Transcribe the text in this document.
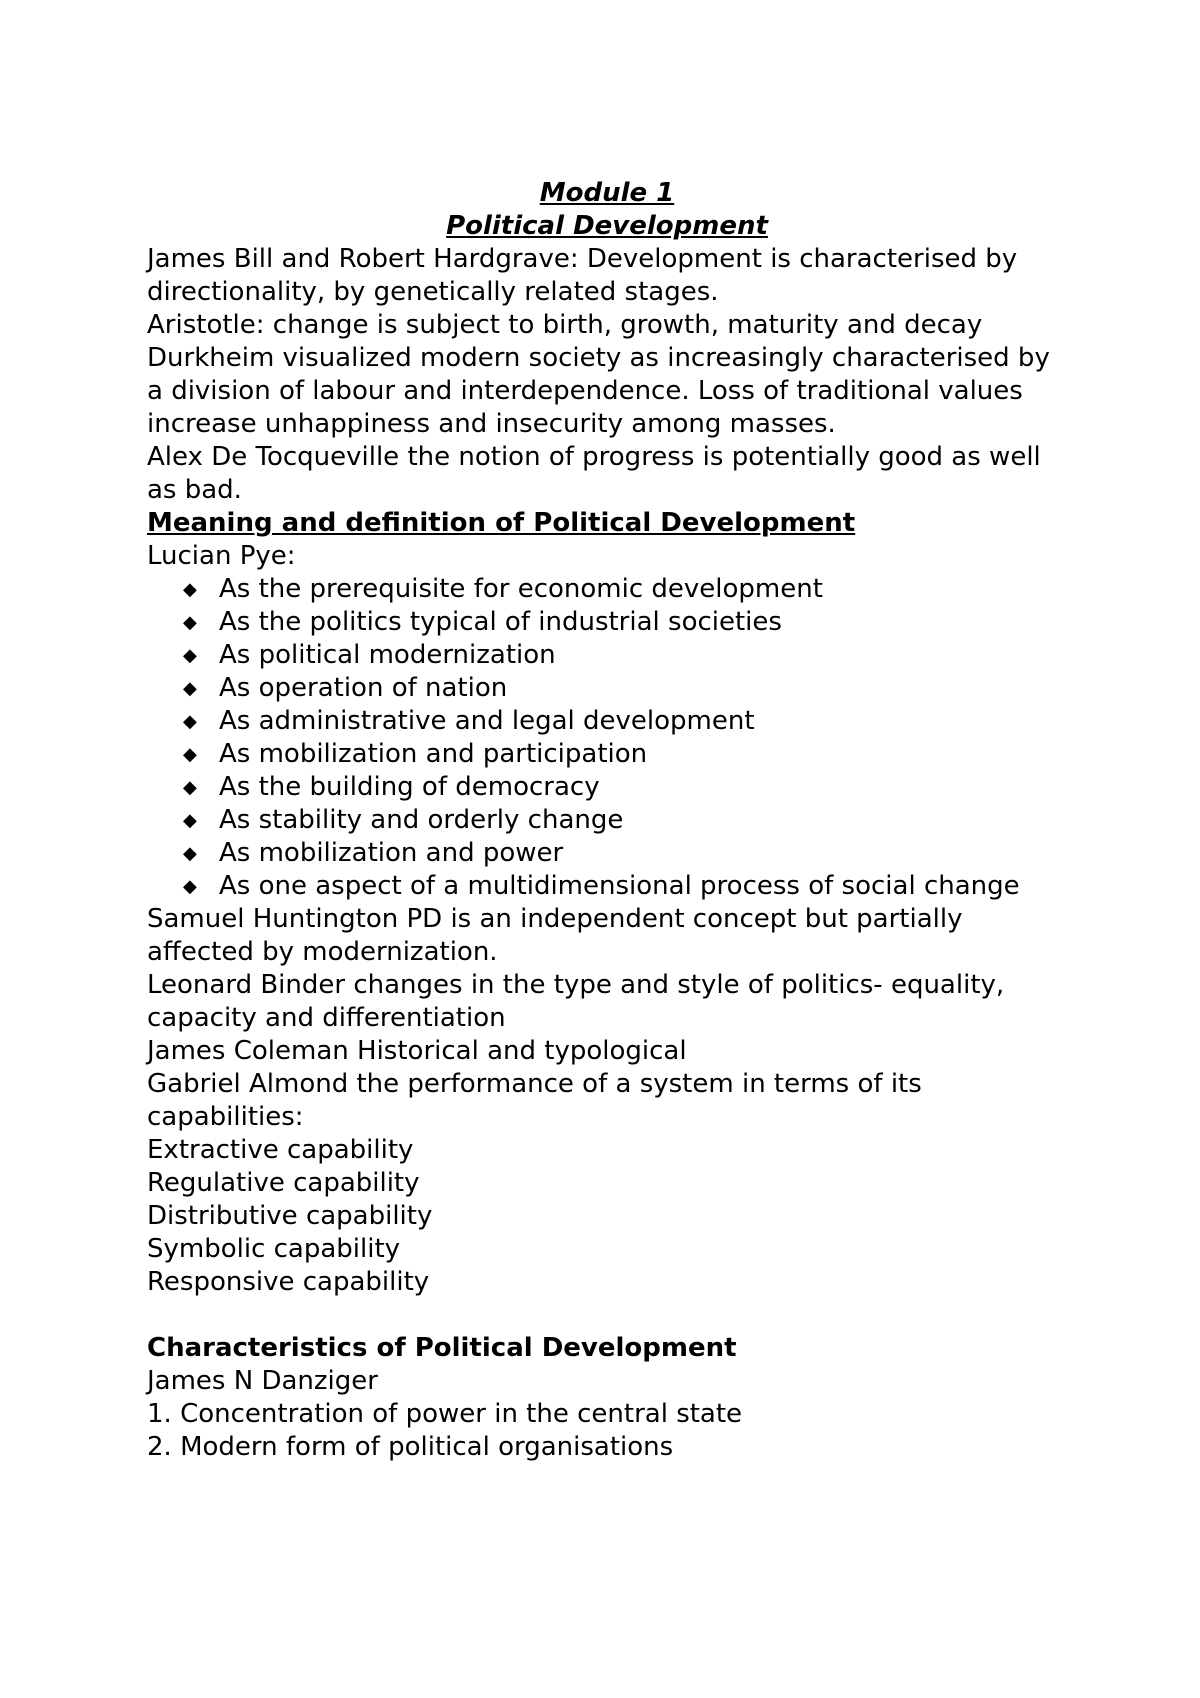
Module 1

Political Development

James Bill and Robert Hardgrave: Development is characterised by directionality, by genetically related stages.

Aristotle: change is subject to birth, growth, maturity and decay

Durkheim visualized modern society as increasingly characterised by a division of labour and interdependence. Loss of traditional values increase unhappiness and insecurity among masses.

Alex De Tocqueville the notion of progress is potentially good as well as bad.

Meaning and definition of Political Development

Lucian Pye:

◆ As the prerequisite for economic development
◆ As the politics typical of industrial societies
◆ As political modernization
◆ As operation of nation
◆ As administrative and legal development
◆ As mobilization and participation
◆ As the building of democracy
◆ As stability and orderly change
◆ As mobilization and power
◆ As one aspect of a multidimensional process of social change

Samuel Huntington PD is an independent concept but partially affected by modernization.

Leonard Binder changes in the type and style of politics- equality, capacity and differentiation

James Coleman Historical and typological

Gabriel Almond the performance of a system in terms of its capabilities:

Extractive capability

Regulative capability

Distributive capability

Symbolic capability

Responsive capability

Characteristics of Political Development

James N Danziger

1. Concentration of power in the central state

2. Modern form of political organisations
